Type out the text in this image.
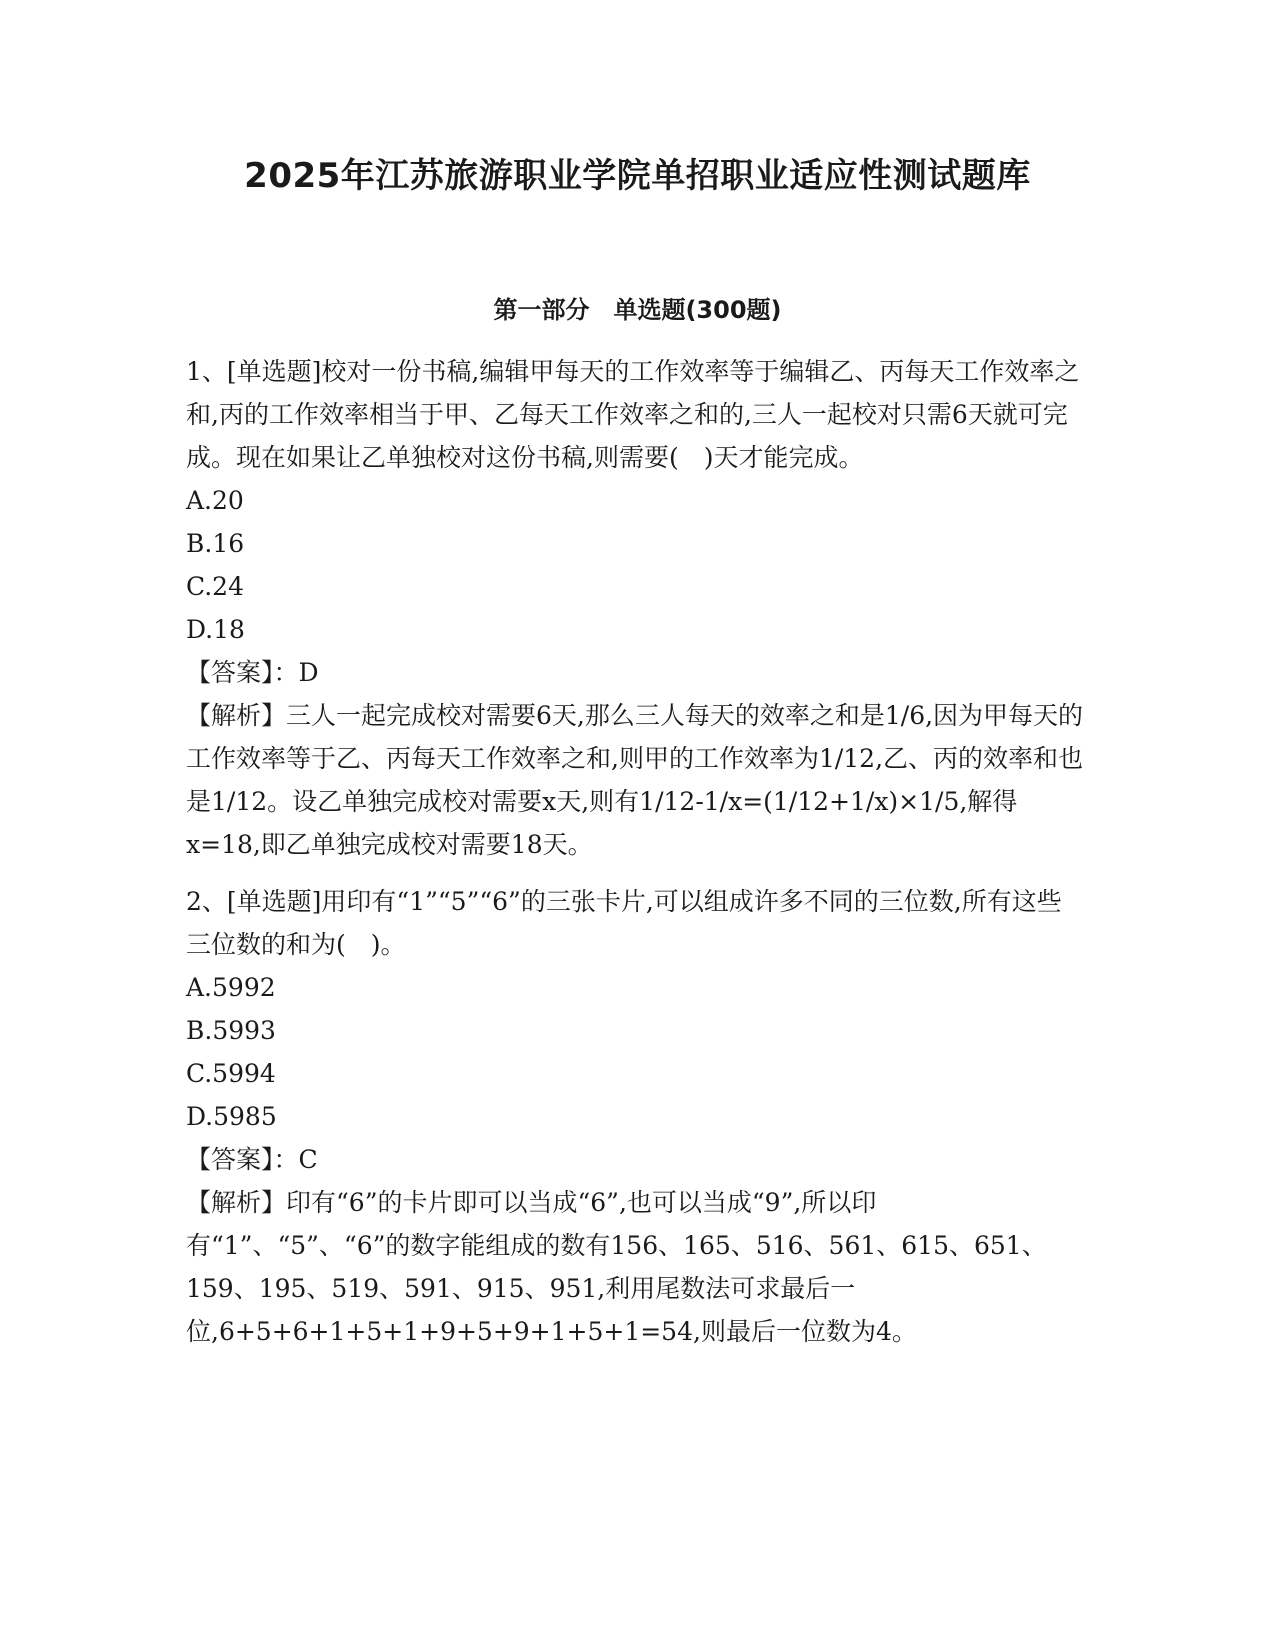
2025年江苏旅游职业学院单招职业适应性测试题库
第一部分　单选题(300题)

1、[单选题]校对一份书稿,编辑甲每天的工作效率等于编辑乙、丙每天工作效率之和,丙的工作效率相当于甲、乙每天工作效率之和的,三人一起校对只需6天就可完成。现在如果让乙单独校对这份书稿,则需要(　)天才能完成。

A.20

B.16

C.24

D.18

【答案】：D

【解析】三人一起完成校对需要6天,那么三人每天的效率之和是1/6,因为甲每天的工作效率等于乙、丙每天工作效率之和,则甲的工作效率为1/12,乙、丙的效率和也是1/12。设乙单独完成校对需要x天,则有1/12-1/x=(1/12+1/x)×1/5,解得x=18,即乙单独完成校对需要18天。

2、[单选题]用印有“1”“5”“6”的三张卡片,可以组成许多不同的三位数,所有这些三位数的和为(　)。

A.5992

B.5993

C.5994

D.5985

【答案】：C

【解析】印有“6”的卡片即可以当成“6”,也可以当成“9”,所以印有“1”、“5”、“6”的数字能组成的数有156、165、516、561、615、651、159、195、519、591、915、951,利用尾数法可求最后一位,6+5+6+1+5+1+9+5+9+1+5+1=54,则最后一位数为4。
